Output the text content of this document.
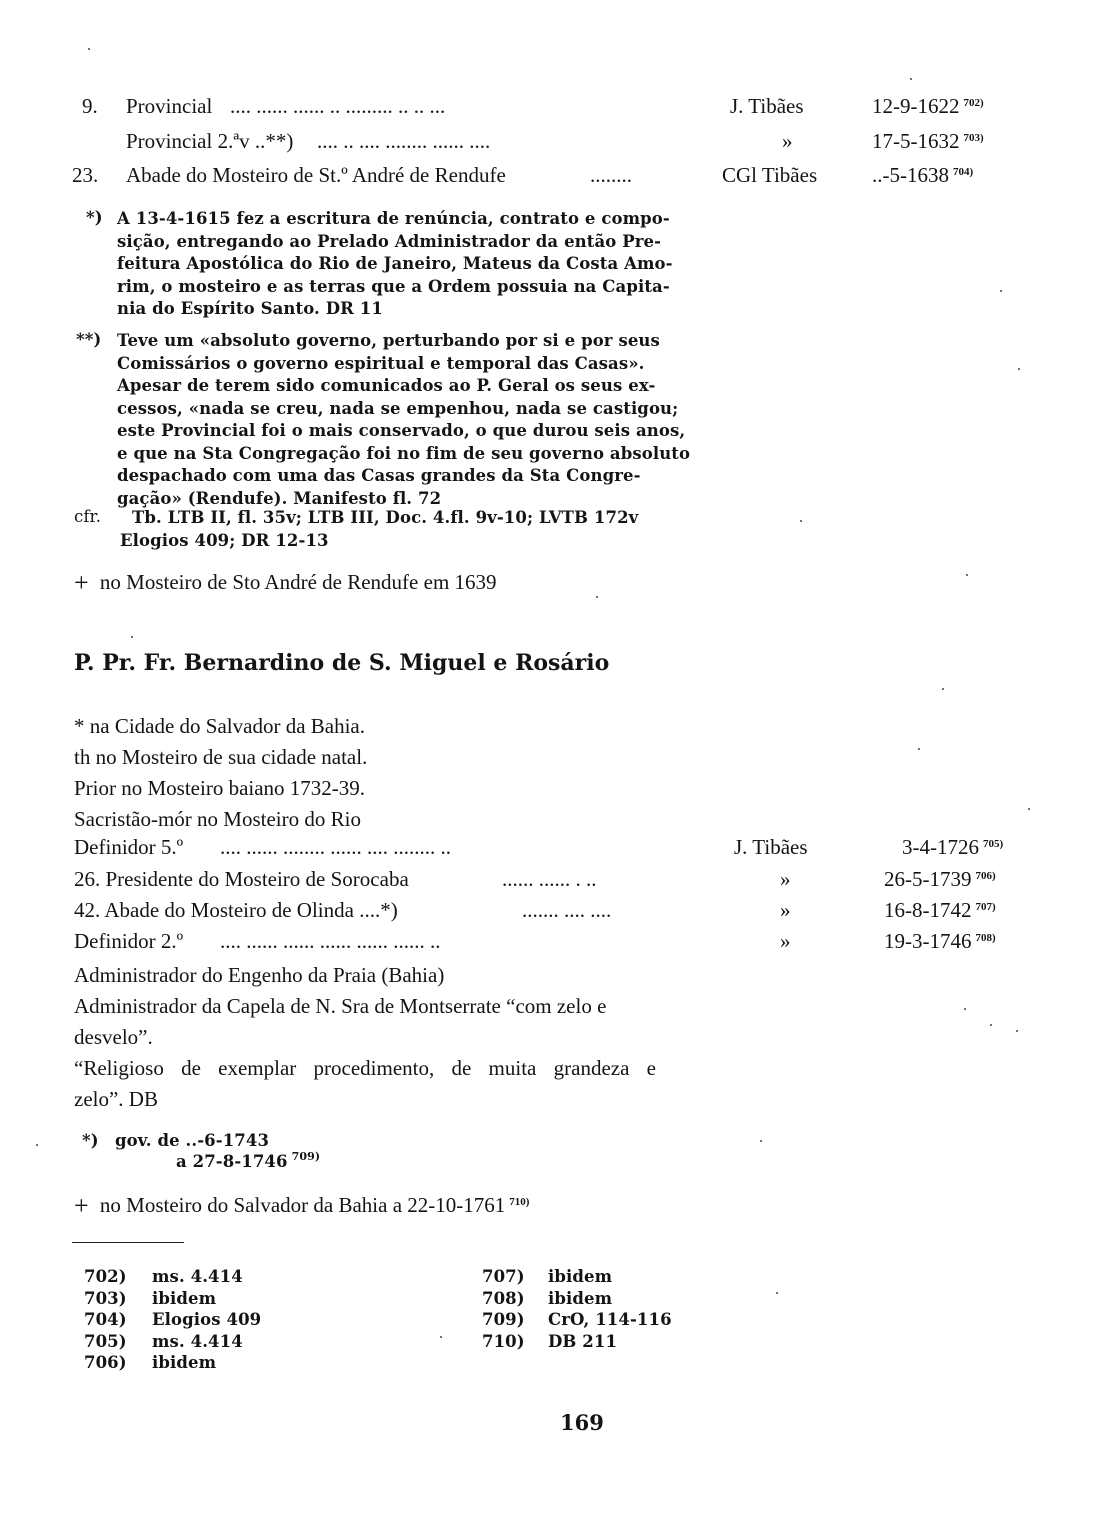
9. Provincial .... ...... ...... .. ......... .. .. ...	J. Tibães	12-9-1622 $^{702)}$
Provincial 2.ªv ..**) .... .. .... ........ ...... ....	»	17-5-1632 $^{703)}$
23. Abade do Mosteiro de St.º André de Rendufe	........	CGl Tibães	..-5-1638 $^{704)}$
*) A 13-4-1615 fez a escritura de renúncia, contrato e compo-
sição, entregando ao Prelado Administrador da então Pre-
feitura Apostólica do Rio de Janeiro, Mateus da Costa Amo-
rim, o mosteiro e as terras que a Ordem possuia na Capita-
nia do Espírito Santo. DR 11
**) Teve um «absoluto governo, perturbando por si e por seus
Comissários o governo espiritual e temporal das Casas».
Apesar de terem sido comunicados ao P. Geral os seus ex-
cessos, «nada se creu, nada se empenhou, nada se castigou;
este Provincial foi o mais conservado, o que durou seis anos,
e que na Sta Congregação foi no fim de seu governo absoluto
despachado com uma das Casas grandes da Sta Congre-
gação» (Rendufe). Manifesto fl. 72
cfr. Tb. LTB II, fl. 35v; LTB III, Doc. 4.fl. 9v-10; LVTB 172v
Elogios 409; DR 12-13
+ no Mosteiro de Sto André de Rendufe em 1639
P. Pr. Fr. Bernardino de S. Miguel e Rosário
* na Cidade do Salvador da Bahia.
th no Mosteiro de sua cidade natal.
Prior no Mosteiro baiano 1732-39.
Sacristão-mór no Mosteiro do Rio
Definidor 5.º .... ...... ........ ...... .... ........ ..	J. Tibães	3-4-1726 $^{705)}$
26. Presidente do Mosteiro de Sorocaba	...... ...... . ..	»	26-5-1739 $^{706)}$
42. Abade do Mosteiro de Olinda ....*)	....... .... ....	»	16-8-1742 $^{707)}$
Definidor 2.º .... ...... ...... ...... ...... ...... ..	»	19-3-1746 $^{708)}$
Administrador do Engenho da Praia (Bahia)
Administrador da Capela de N. Sra de Montserrate “com zelo e
desvelo”.
“Religioso de exemplar procedimento, de muita grandeza e
zelo”. DB
*) gov. de ..-6-1743
a 27-8-1746 $^{709)}$
+ no Mosteiro do Salvador da Bahia a 22-10-1761 $^{710)}$
702) ms. 4.414
703) ibidem
704) Elogios 409
705) ms. 4.414
706) ibidem
707) ibidem
708) ibidem
709) CrO, 114-116
710) DB 211
169
